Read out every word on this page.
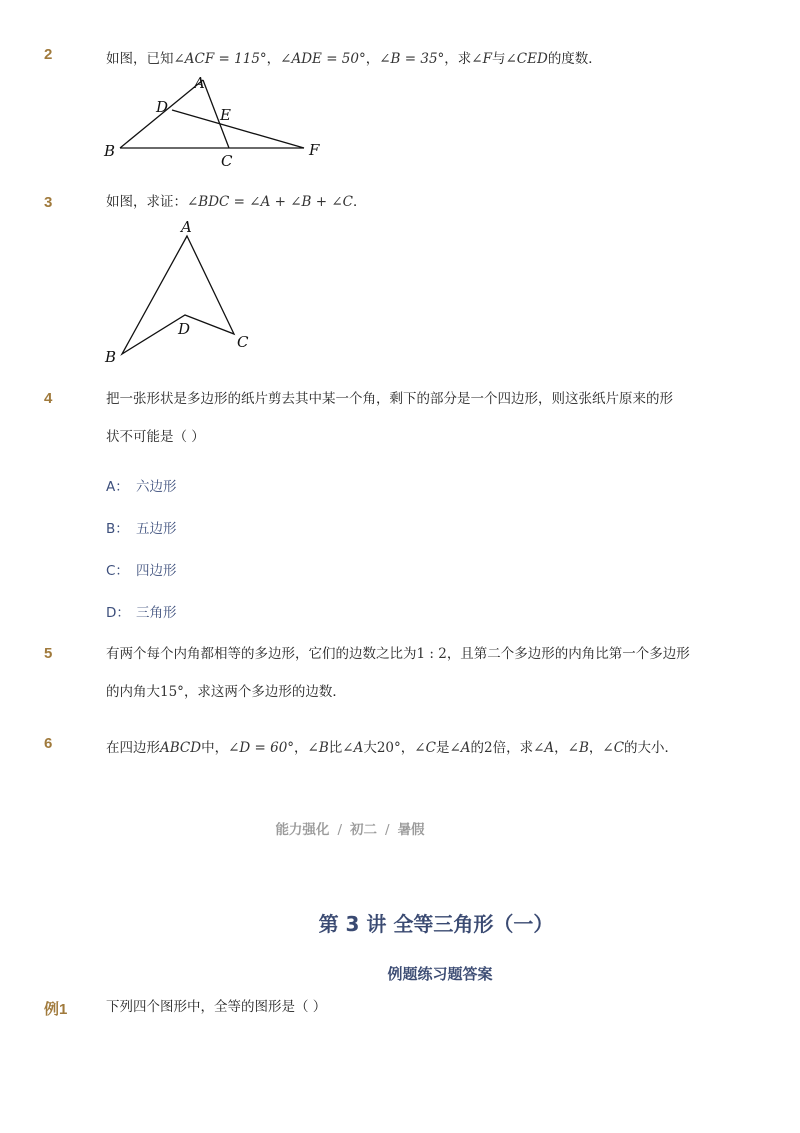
2	如图，已知∠ACF = 115°，∠ADE = 50°，∠B = 35°，求∠F与∠CED的度数．
A
D	E
B
C
F
3	如图，求证：∠BDC = ∠A + ∠B + ∠C．
A
D
B
C
4	把一张形状是多边形的纸片剪去其中某一个角，剩下的部分是一个四边形，则这张纸片原来的形
状不可能是（ ）
A： 六边形
B： 五边形
C： 四边形
D： 三角形
5	有两个每个内角都相等的多边形，它们的边数之比为1 : 2，且第二个多边形的内角比第一个多边形
的内角大15°，求这两个多边形的边数．
6	在四边形ABCD中，∠D = 60°，∠B比∠A大20°，∠C是∠A的2倍，求∠A，∠B，∠C的大小．
能力强化 / 初二 / 暑假
第 3 讲 全等三角形（一）
例题练习题答案
例1	下列四个图形中，全等的图形是（ ）
